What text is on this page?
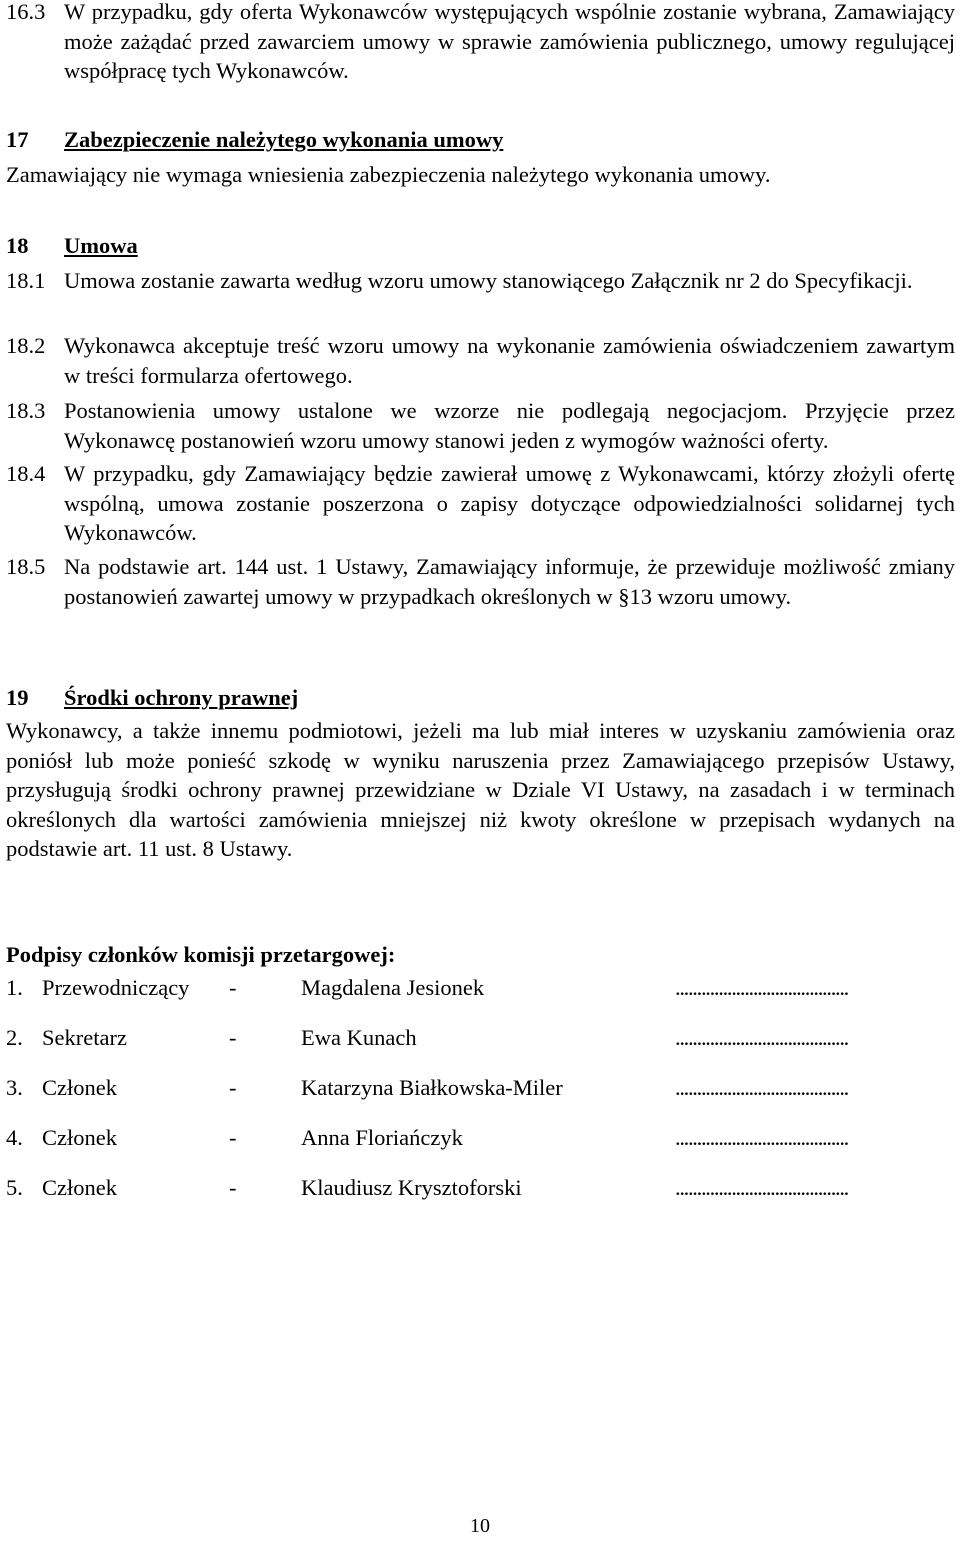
16.3 W przypadku, gdy oferta Wykonawców występujących wspólnie zostanie wybrana, Zamawiający może zażądać przed zawarciem umowy w sprawie zamówienia publicznego, umowy regulującej współpracę tych Wykonawców.
17 Zabezpieczenie należytego wykonania umowy
Zamawiający nie wymaga wniesienia zabezpieczenia należytego wykonania umowy.
18 Umowa
18.1 Umowa zostanie zawarta według wzoru umowy stanowiącego Załącznik nr 2 do Specyfikacji.
18.2 Wykonawca akceptuje treść wzoru umowy na wykonanie zamówienia oświadczeniem zawartym w treści formularza ofertowego.
18.3 Postanowienia umowy ustalone we wzorze nie podlegają negocjacjom. Przyjęcie przez Wykonawcę postanowień wzoru umowy stanowi jeden z wymogów ważności oferty.
18.4 W przypadku, gdy Zamawiający będzie zawierał umowę z Wykonawcami, którzy złożyli ofertę wspólną, umowa zostanie poszerzona o zapisy dotyczące odpowiedzialności solidarnej tych Wykonawców.
18.5 Na podstawie art. 144 ust. 1 Ustawy, Zamawiający informuje, że przewiduje możliwość zmiany postanowień zawartej umowy w przypadkach określonych w §13 wzoru umowy.
19 Środki ochrony prawnej
Wykonawcy, a także innemu podmiotowi, jeżeli ma lub miał interes w uzyskaniu zamówienia oraz poniósł lub może ponieść szkodę w wyniku naruszenia przez Zamawiającego przepisów Ustawy, przysługują środki ochrony prawnej przewidziane w Dziale VI Ustawy, na zasadach i w terminach określonych dla wartości zamówienia mniejszej niż kwoty określone w przepisach wydanych na podstawie art. 11 ust. 8 Ustawy.
Podpisy członków komisji przetargowej:
1. Przewodniczący -	Magdalena Jesionek	........................................
2. Sekretarz	-	Ewa Kunach	........................................
3. Członek	-	Katarzyna Białkowska-Miler	........................................
4. Członek	-	Anna Floriańczyk	........................................
5. Członek	-	Klaudiusz Krysztoforski	........................................
10
